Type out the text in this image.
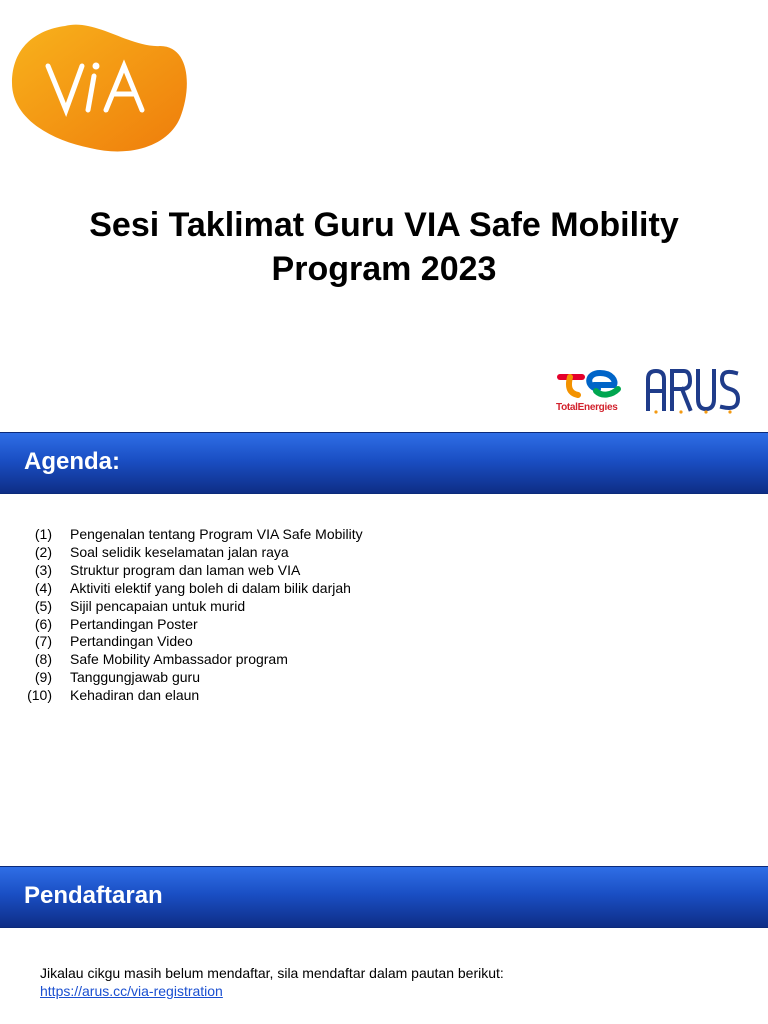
Sesi Taklimat Guru VIA Safe Mobility
Program 2023
TotalEnergies
Agenda:
(1) Pengenalan tentang Program VIA Safe Mobility
(2) Soal selidik keselamatan jalan raya
(3) Struktur program dan laman web VIA
(4) Aktiviti elektif yang boleh di dalam bilik darjah
(5) Sijil pencapaian untuk murid
(6) Pertandingan Poster
(7) Pertandingan Video
(8) Safe Mobility Ambassador program
(9) Tanggungjawab guru
(10) Kehadiran dan elaun
Pendaftaran
Jikalau cikgu masih belum mendaftar, sila mendaftar dalam pautan berikut:
https://arus.cc/via-registration
